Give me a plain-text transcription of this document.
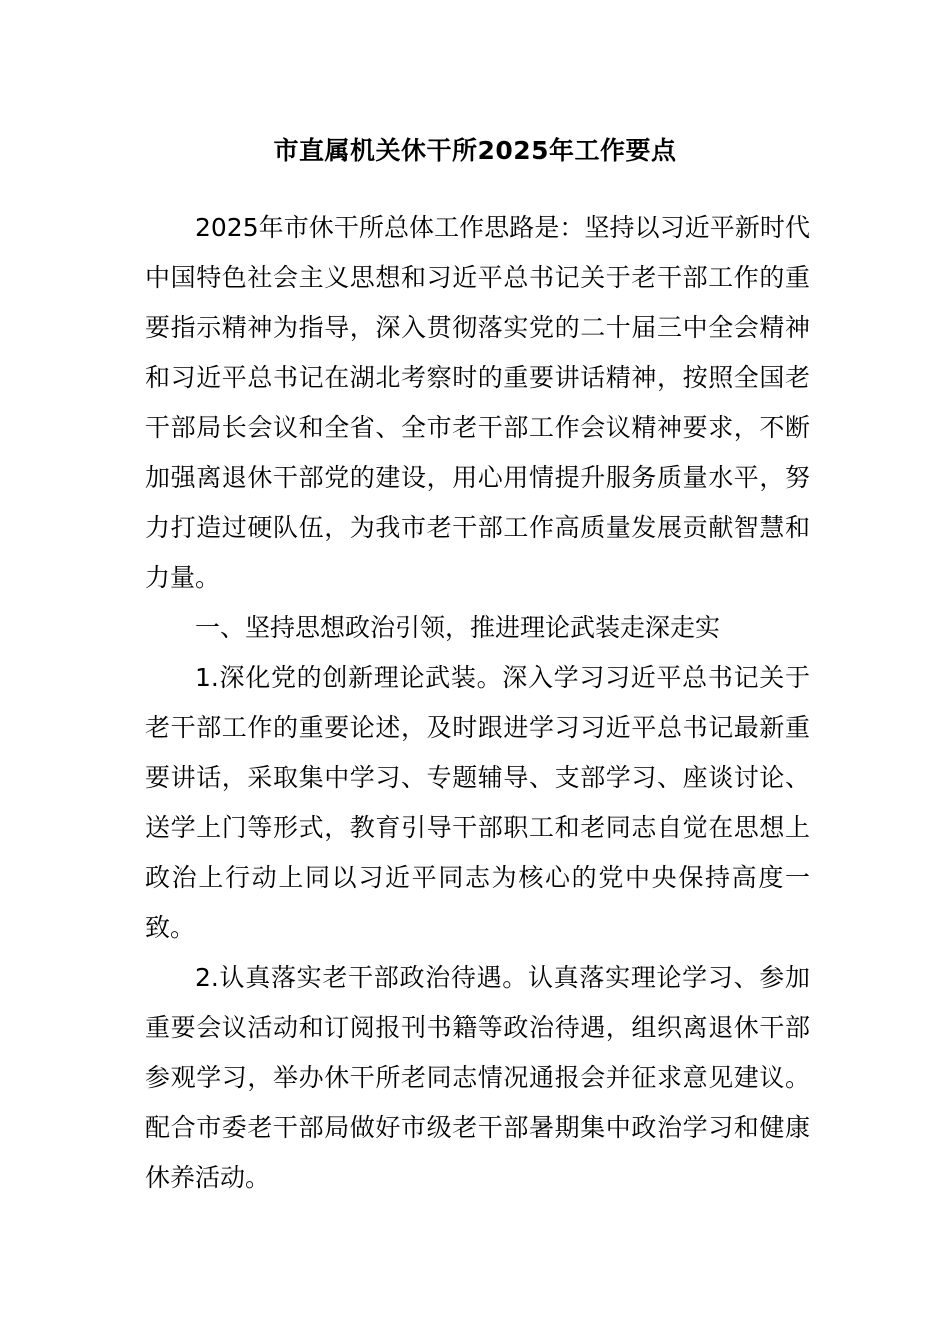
市直属机关休干所2025年工作要点

2025年市休干所总体工作思路是：坚持以习近平新时代中国特色社会主义思想和习近平总书记关于老干部工作的重要指示精神为指导，深入贯彻落实党的二十届三中全会精神和习近平总书记在湖北考察时的重要讲话精神，按照全国老干部局长会议和全省、全市老干部工作会议精神要求，不断加强离退休干部党的建设，用心用情提升服务质量水平，努力打造过硬队伍，为我市老干部工作高质量发展贡献智慧和力量。

一、坚持思想政治引领，推进理论武装走深走实

1.深化党的创新理论武装。深入学习习近平总书记关于老干部工作的重要论述，及时跟进学习习近平总书记最新重要讲话，采取集中学习、专题辅导、支部学习、座谈讨论、送学上门等形式，教育引导干部职工和老同志自觉在思想上政治上行动上同以习近平同志为核心的党中央保持高度一致。

2.认真落实老干部政治待遇。认真落实理论学习、参加重要会议活动和订阅报刊书籍等政治待遇，组织离退休干部参观学习，举办休干所老同志情况通报会并征求意见建议。配合市委老干部局做好市级老干部暑期集中政治学习和健康休养活动。
